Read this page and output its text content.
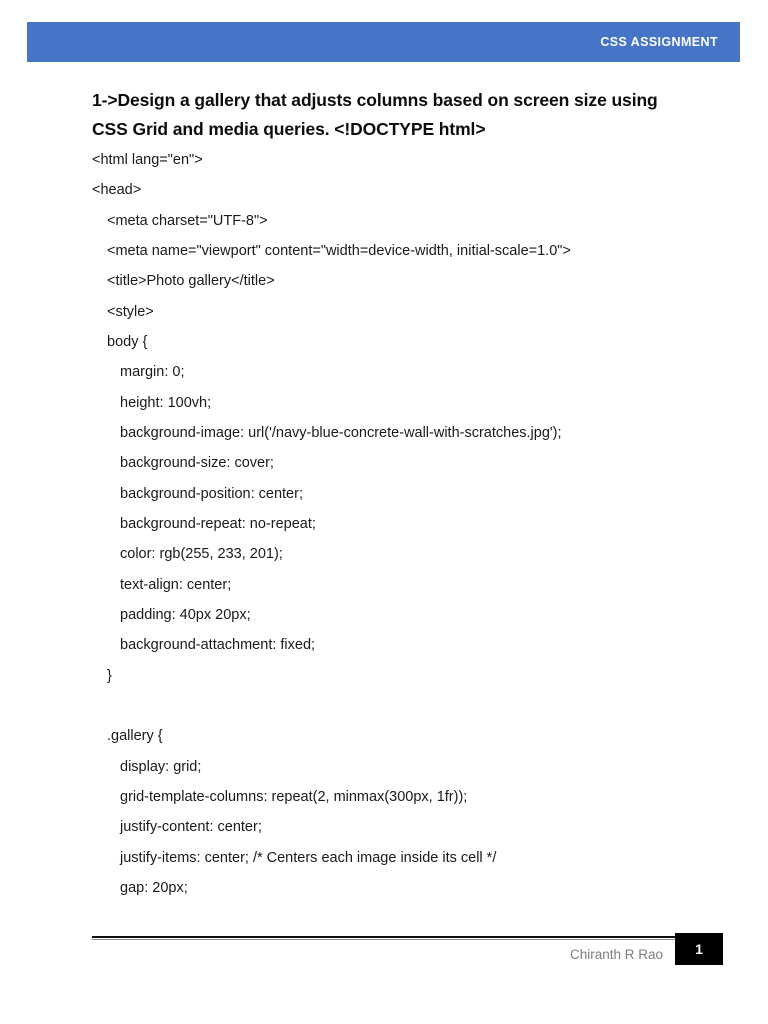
CSS ASSIGNMENT
1->Design a gallery that adjusts columns based on screen size using
CSS Grid and media queries. <!DOCTYPE html>
<html lang="en">
<head>
<meta charset="UTF-8">
<meta name="viewport" content="width=device-width, initial-scale=1.0">
<title>Photo gallery</title>
<style>
body {
margin: 0;
height: 100vh;
background-image: url('/navy-blue-concrete-wall-with-scratches.jpg');
background-size: cover;
background-position: center;
background-repeat: no-repeat;
color: rgb(255, 233, 201);
text-align: center;
padding: 40px 20px;
background-attachment: fixed;
}
.gallery {
display: grid;
grid-template-columns: repeat(2, minmax(300px, 1fr));
justify-content: center;
justify-items: center; /* Centers each image inside its cell */
gap: 20px;
Chiranth R Rao 1
